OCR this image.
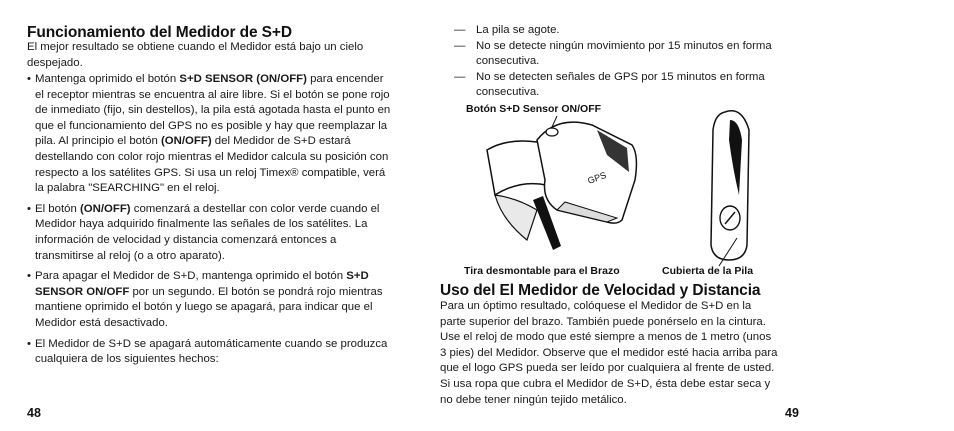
Funcionamiento del Medidor de S+D
El mejor resultado se obtiene cuando el Medidor está bajo un cielo despejado.
• Mantenga oprimido el botón S+D SENSOR (ON/OFF) para encender el receptor mientras se encuentra al aire libre. Si el botón se pone rojo de inmediato (fijo, sin destellos), la pila está agotada hasta el punto en que el funcionamiento del GPS no es posible y hay que reemplazar la pila. Al principio el botón (ON/OFF) del Medidor de S+D estará destellando con color rojo mientras el Medidor calcula su posición con respecto a los satélites GPS. Si usa un reloj Timex® compatible, verá la palabra "SEARCHING" en el reloj.
• El botón (ON/OFF) comenzará a destellar con color verde cuando el Medidor haya adquirido finalmente las señales de los satélites. La información de velocidad y distancia comenzará entonces a transmitirse al reloj (o a otro aparato).
• Para apagar el Medidor de S+D, mantenga oprimido el botón S+D SENSOR ON/OFF por un segundo. El botón se pondrá rojo mientras mantiene oprimido el botón y luego se apagará, para indicar que el Medidor está desactivado.
• El Medidor de S+D se apagará automáticamente cuando se produzca cualquiera de los siguientes hechos:
48
— La pila se agote.
— No se detecte ningún movimiento por 15 minutos en forma consecutiva.
— No se detecten señales de GPS por 15 minutos en forma consecutiva.
Botón S+D Sensor ON/OFF
GPS
Tira desmontable para el Brazo	Cubierta de la Pila
Uso del El Medidor de Velocidad y Distancia
Para un óptimo resultado, colóquese el Medidor de S+D en la parte superior del brazo. También puede ponérselo en la cintura. Use el reloj de modo que esté siempre a menos de 1 metro (unos 3 pies) del Medidor. Observe que el medidor esté hacia arriba para que el logo GPS pueda ser leído por cualquiera al frente de usted. Si usa ropa que cubra el Medidor de S+D, ésta debe estar seca y no debe tener ningún tejido metálico.
49
